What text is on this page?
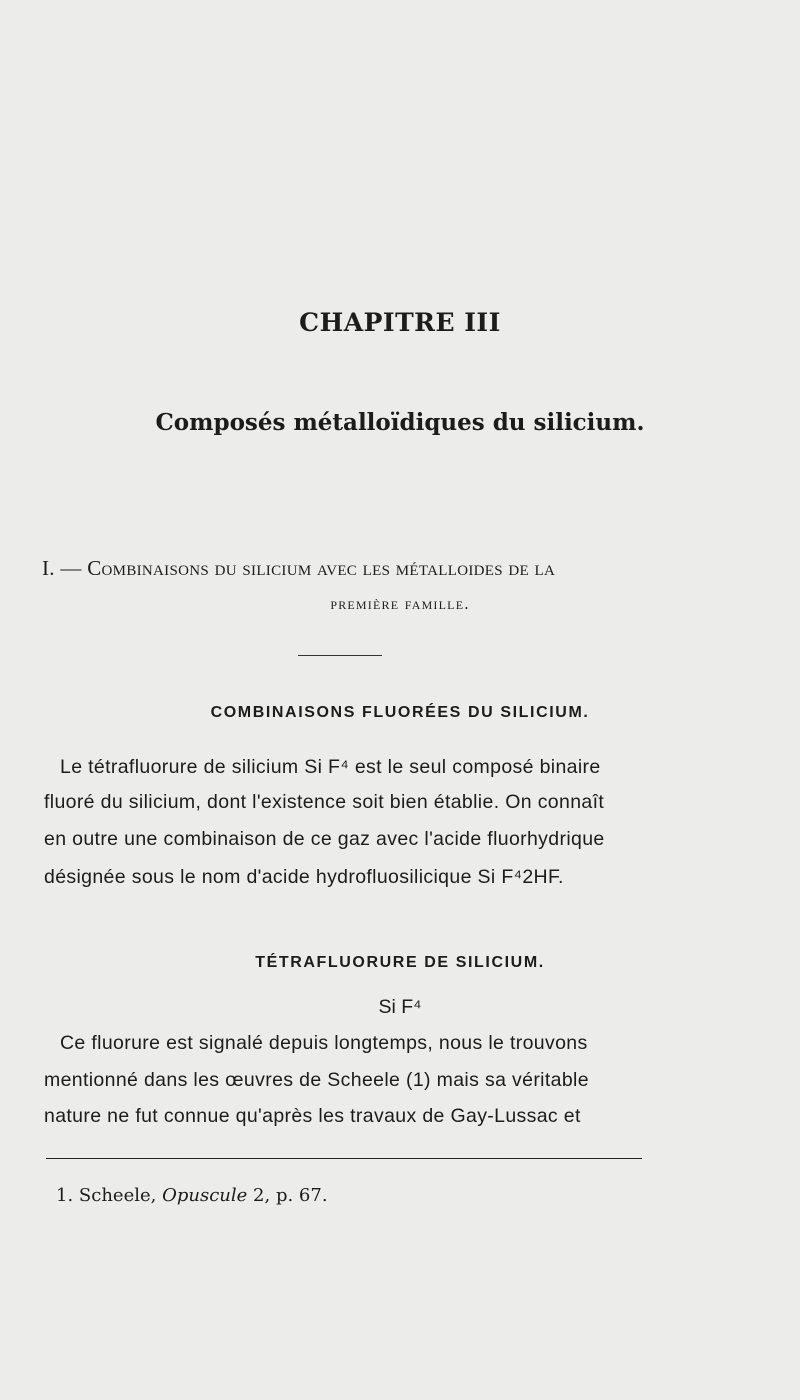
CHAPITRE III
Composés métalloïdiques du silicium.

I. — Combinaisons du silicium avec les métalloides de la

première famille.

COMBINAISONS FLUORÉES DU SILICIUM.

Le tétrafluorure de silicium Si F⁴ est le seul composé binaire

fluoré du silicium, dont l'existence soit bien établie. On connaît

en outre une combinaison de ce gaz avec l'acide fluorhydrique

désignée sous le nom d'acide hydrofluosilicique Si F⁴2HF.

TÉTRAFLUORURE DE SILICIUM.

Si F⁴

Ce fluorure est signalé depuis longtemps, nous le trouvons

mentionné dans les œuvres de Scheele (1) mais sa véritable

nature ne fut connue qu'après les travaux de Gay-Lussac et

1. Scheele, Opuscule 2, p. 67.
